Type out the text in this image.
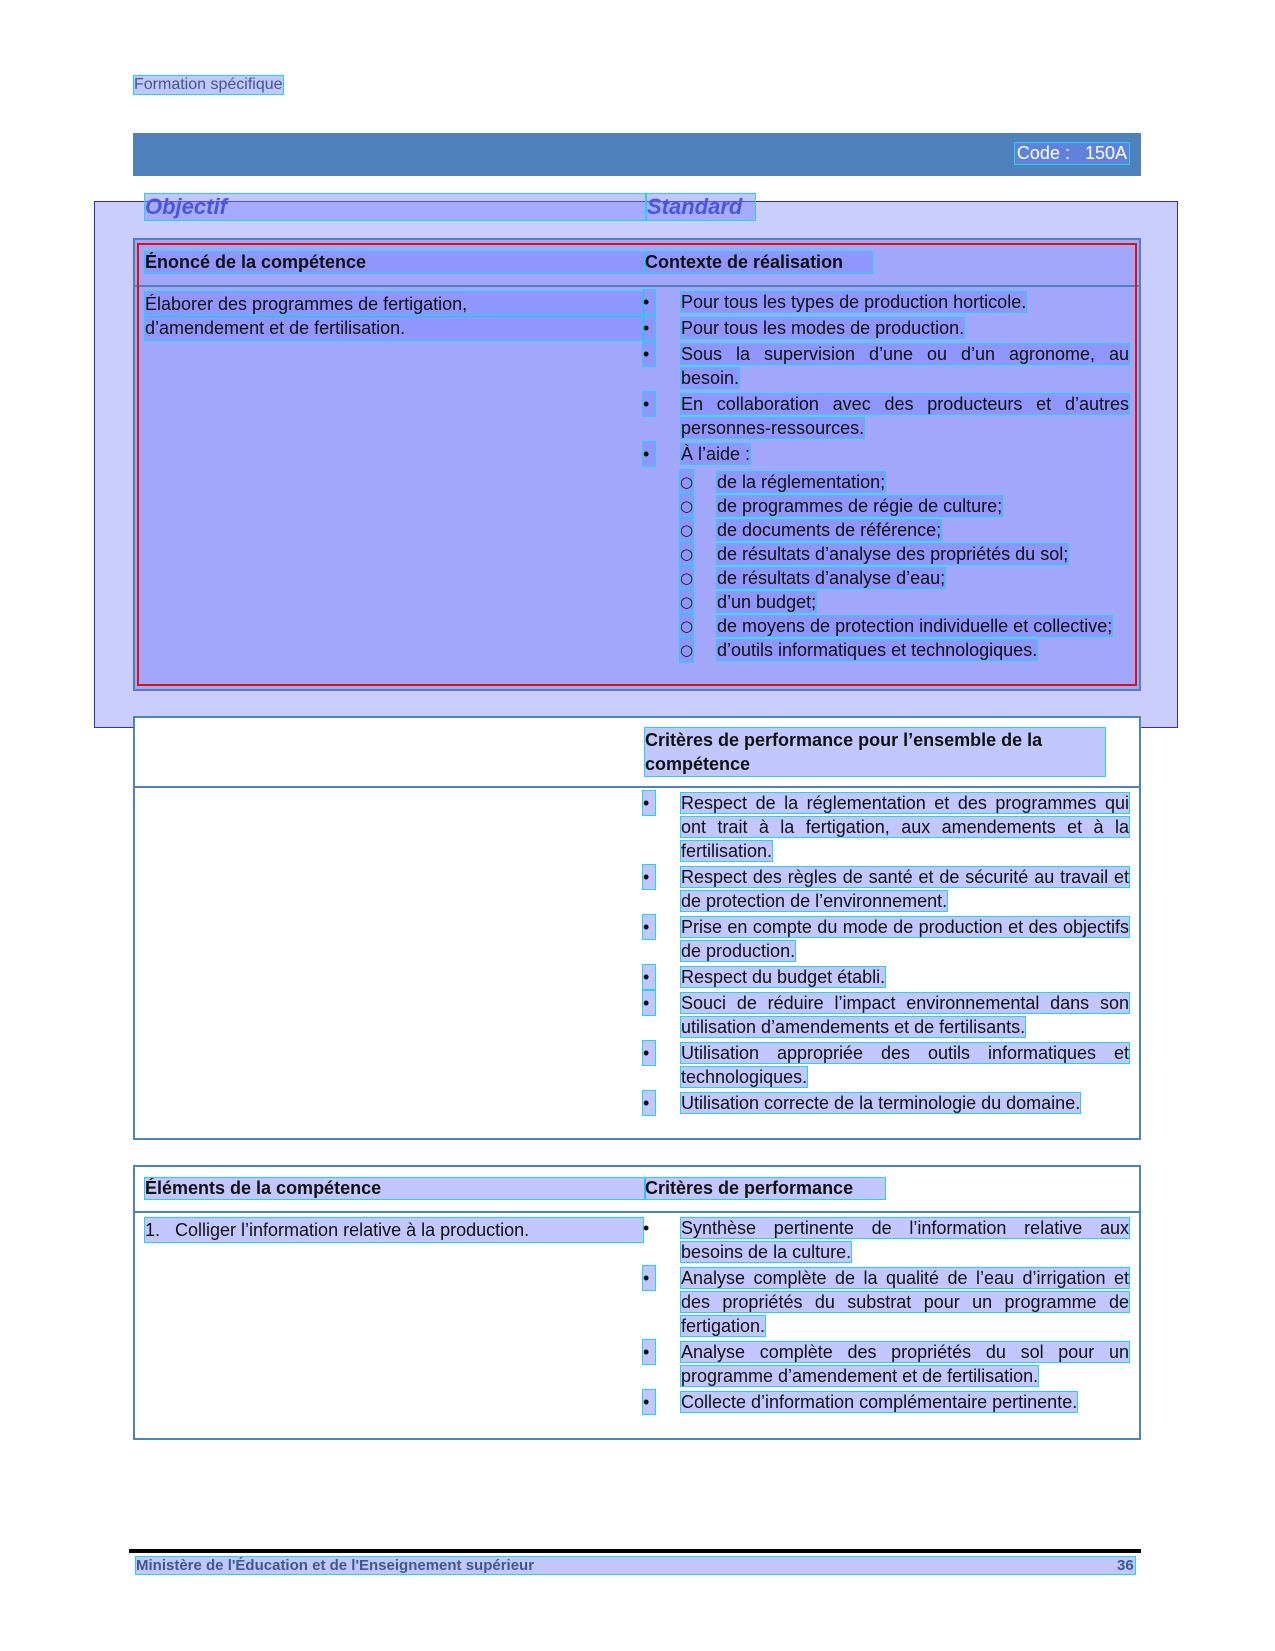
Formation spécifique
Code :   150A
Objectif	Standard
Énoncé de la compétence	Contexte de réalisation
Élaborer des programmes de fertigation,
d’amendement et de fertilisation.
•	Pour tous les types de production horticole.
•	Pour tous les modes de production.
•	Sous la supervision d’une ou d’un agronome, au besoin.
•	En collaboration avec des producteurs et d’autres personnes-ressources.
•	À l’aide :
○ de la réglementation;
○ de programmes de régie de culture;
○ de documents de référence;
○ de résultats d’analyse des propriétés du sol;
○ de résultats d’analyse d’eau;
○ d’un budget;
○ de moyens de protection individuelle et collective;
○ d’outils informatiques et technologiques.
Critères de performance pour l’ensemble de la compétence
•	Respect de la réglementation et des programmes qui ont trait à la fertigation, aux amendements et à la fertilisation.
•	Respect des règles de santé et de sécurité au travail et de protection de l’environnement.
•	Prise en compte du mode de production et des objectifs de production.
•	Respect du budget établi.
•	Souci de réduire l’impact environnemental dans son utilisation d’amendements et de fertilisants.
•	Utilisation appropriée des outils informatiques et technologiques.
•	Utilisation correcte de la terminologie du domaine.
Éléments de la compétence	Critères de performance
1.   Colliger l’information relative à la production.	•	Synthèse pertinente de l’information relative aux besoins de la culture.
•	Analyse complète de la qualité de l’eau d’irrigation et des propriétés du substrat pour un programme de fertigation.
•	Analyse complète des propriétés du sol pour un programme d’amendement et de fertilisation.
•	Collecte d’information complémentaire pertinente.
Ministère de l'Éducation et de l'Enseignement supérieur	36
